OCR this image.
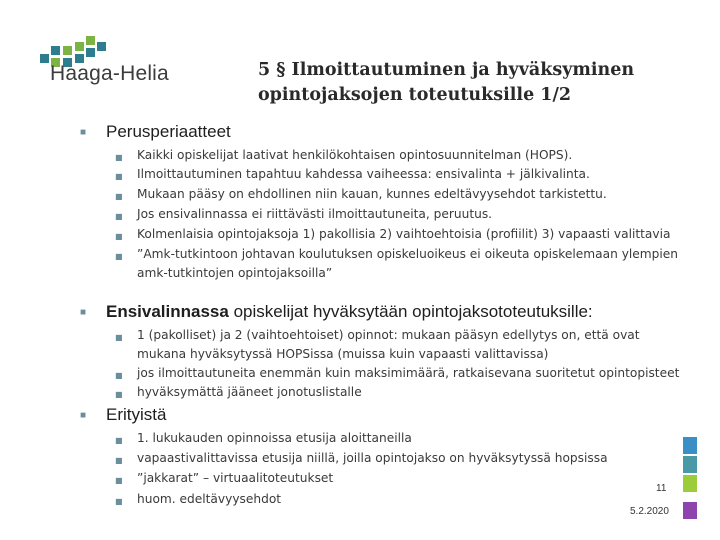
Haaga-Helia	5 § Ilmoittautuminen ja hyväksyminen
opintojaksojen toteutuksille 1/2
■ Perusperiaatteet
■ Kaikki opiskelijat laativat henkilökohtaisen opintosuunnitelman (HOPS).
■ Ilmoittautuminen tapahtuu kahdessa vaiheessa: ensivalinta + jälkivalinta.
■ Mukaan pääsy on ehdollinen niin kauan, kunnes edeltävyysehdot tarkistettu.
■ Jos ensivalinnassa ei riittävästi ilmoittautuneita, peruutus.
■ Kolmenlaisia opintojaksoja 1) pakollisia 2) vaihtoehtoisia (profiilit) 3) vapaasti valittavia
■ ”Amk-tutkintoon johtavan koulutuksen opiskeluoikeus ei oikeuta opiskelemaan ylempien amk-tutkintojen opintojaksoilla”
■ Ensivalinnassa opiskelijat hyväksytään opintojaksototeutuksille:
■ 1 (pakolliset) ja 2 (vaihtoehtoiset) opinnot: mukaan pääsyn edellytys on, että ovat mukana hyväksytyssä HOPSissa (muissa kuin vapaasti valittavissa)
■ jos ilmoittautuneita enemmän kuin maksimimäärä, ratkaisevana suoritetut opintopisteet
■ hyväksymättä jääneet jonotuslistalle
■ Erityistä
■ 1. lukukauden opinnoissa etusija aloittaneilla
■ vapaastivalittavissa etusija niillä, joilla opintojakso on hyväksytyssä hopsissa
■ ”jakkarat” – virtuaalitoteutukset
■ huom. edeltävyysehdot
11
5.2.2020
